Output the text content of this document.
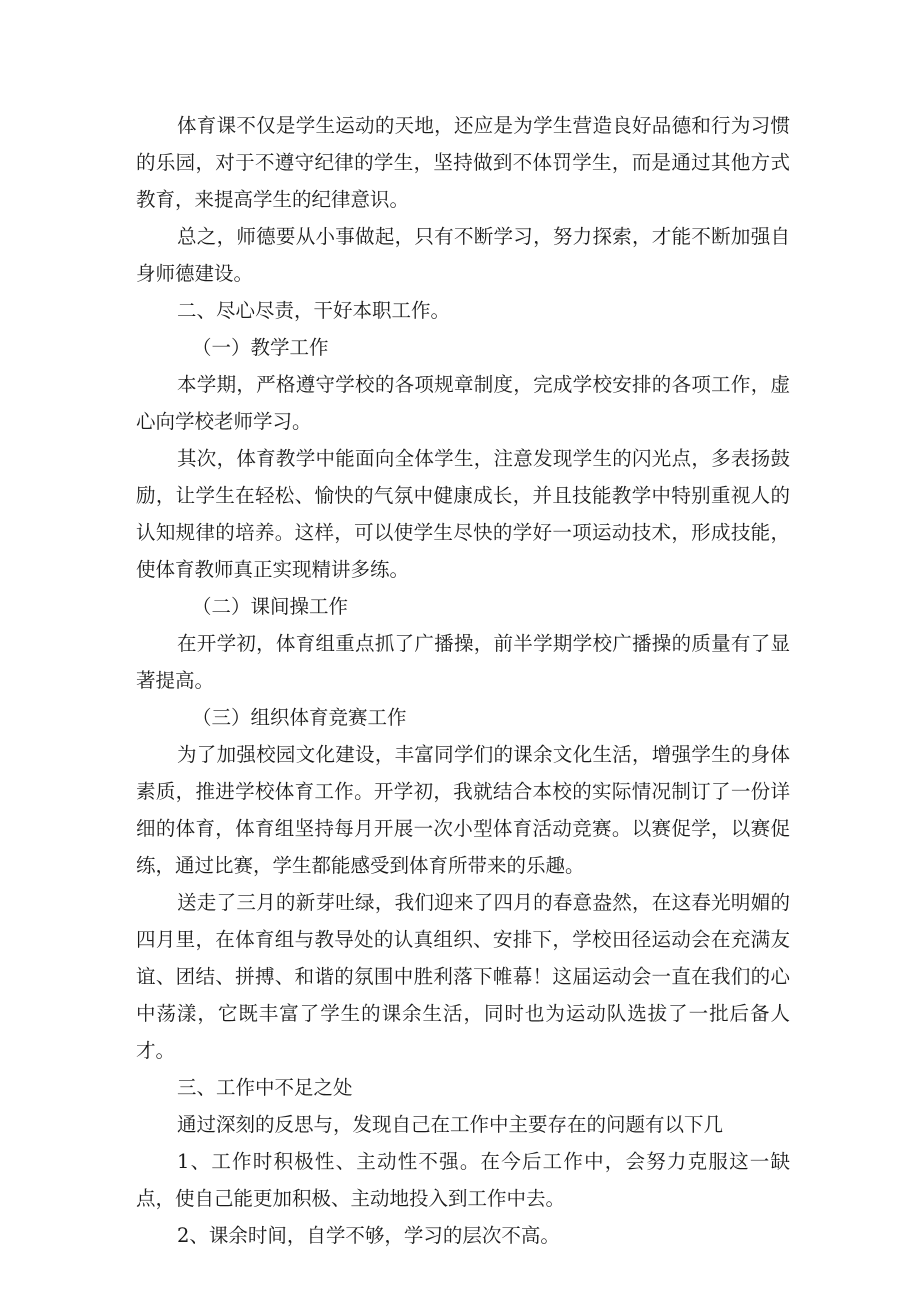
体育课不仅是学生运动的天地，还应是为学生营造良好品德和行为习惯的乐园，对于不遵守纪律的学生，坚持做到不体罚学生，而是通过其他方式教育，来提高学生的纪律意识。

总之，师德要从小事做起，只有不断学习，努力探索，才能不断加强自身师德建设。

二、尽心尽责，干好本职工作。

（一）教学工作

本学期，严格遵守学校的各项规章制度，完成学校安排的各项工作，虚心向学校老师学习。

其次，体育教学中能面向全体学生，注意发现学生的闪光点，多表扬鼓励，让学生在轻松、愉快的气氛中健康成长，并且技能教学中特别重视人的认知规律的培养。这样，可以使学生尽快的学好一项运动技术，形成技能，使体育教师真正实现精讲多练。

（二）课间操工作

在开学初，体育组重点抓了广播操，前半学期学校广播操的质量有了显著提高。

（三）组织体育竞赛工作

为了加强校园文化建设，丰富同学们的课余文化生活，增强学生的身体素质，推进学校体育工作。开学初，我就结合本校的实际情况制订了一份详细的体育，体育组坚持每月开展一次小型体育活动竞赛。以赛促学，以赛促练，通过比赛，学生都能感受到体育所带来的乐趣。

送走了三月的新芽吐绿，我们迎来了四月的春意盎然，在这春光明媚的四月里，在体育组与教导处的认真组织、安排下，学校田径运动会在充满友谊、团结、拼搏、和谐的氛围中胜利落下帷幕！这届运动会一直在我们的心中荡漾，它既丰富了学生的课余生活，同时也为运动队选拔了一批后备人才。

三、工作中不足之处

通过深刻的反思与，发现自己在工作中主要存在的问题有以下几

1、工作时积极性、主动性不强。在今后工作中，会努力克服这一缺点，使自己能更加积极、主动地投入到工作中去。

2、课余时间，自学不够，学习的层次不高。
